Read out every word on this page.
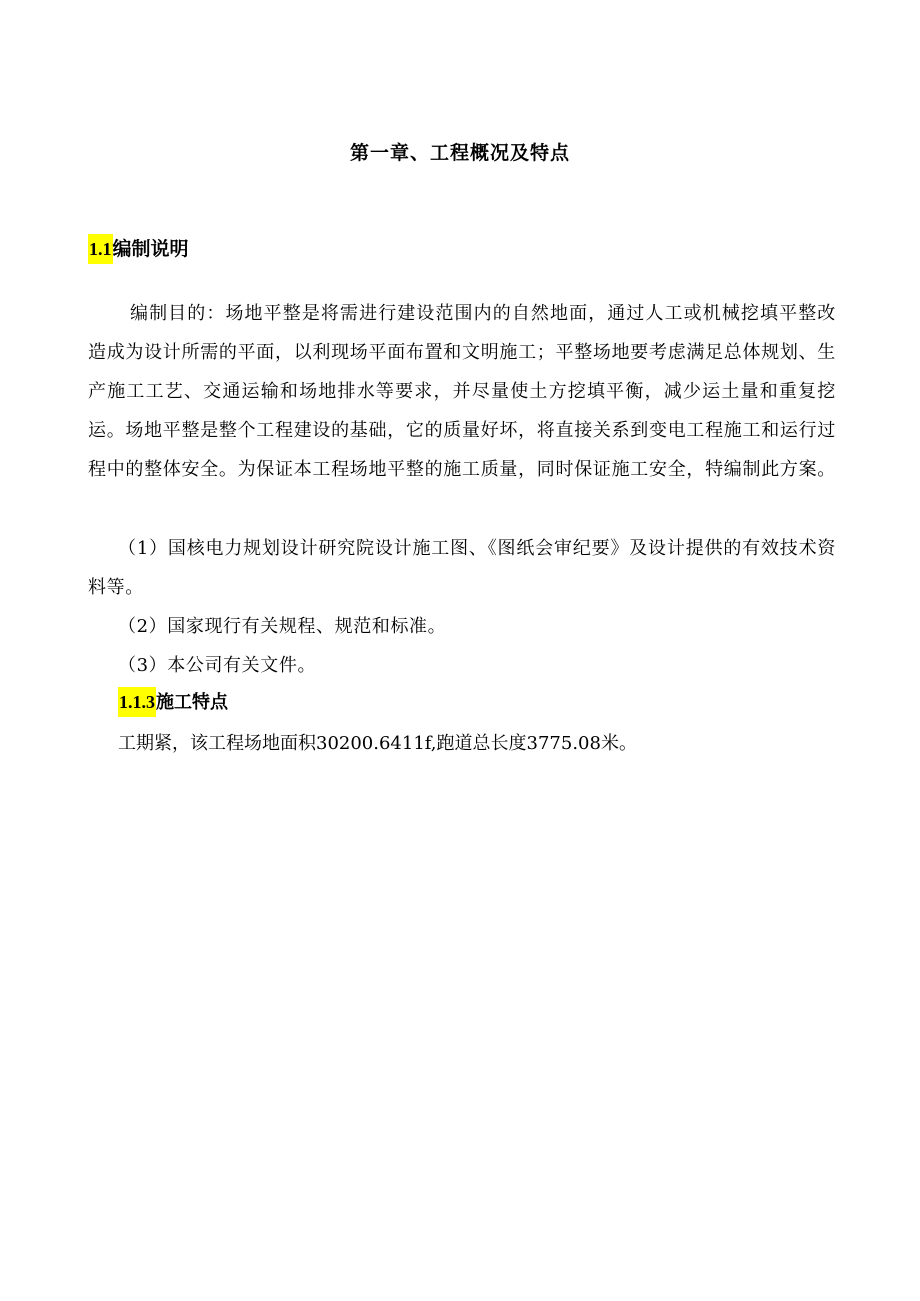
第一章、工程概况及特点
1.1编制说明
编制目的：场地平整是将需进行建设范围内的自然地面，通过人工或机械挖填平整改造成为设计所需的平面，以利现场平面布置和文明施工；平整场地要考虑满足总体规划、生产施工工艺、交通运输和场地排水等要求，并尽量使土方挖填平衡，减少运土量和重复挖运。场地平整是整个工程建设的基础，它的质量好坏，将直接关系到变电工程施工和运行过程中的整体安全。为保证本工程场地平整的施工质量，同时保证施工安全，特编制此方案。
（1）国核电力规划设计研究院设计施工图、《图纸会审纪要》及设计提供的有效技术资料等。
（2）国家现行有关规程、规范和标准。
（3）本公司有关文件。
1.1.3施工特点
工期紧，该工程场地面积30200.6411f,跑道总长度3775.08米。
